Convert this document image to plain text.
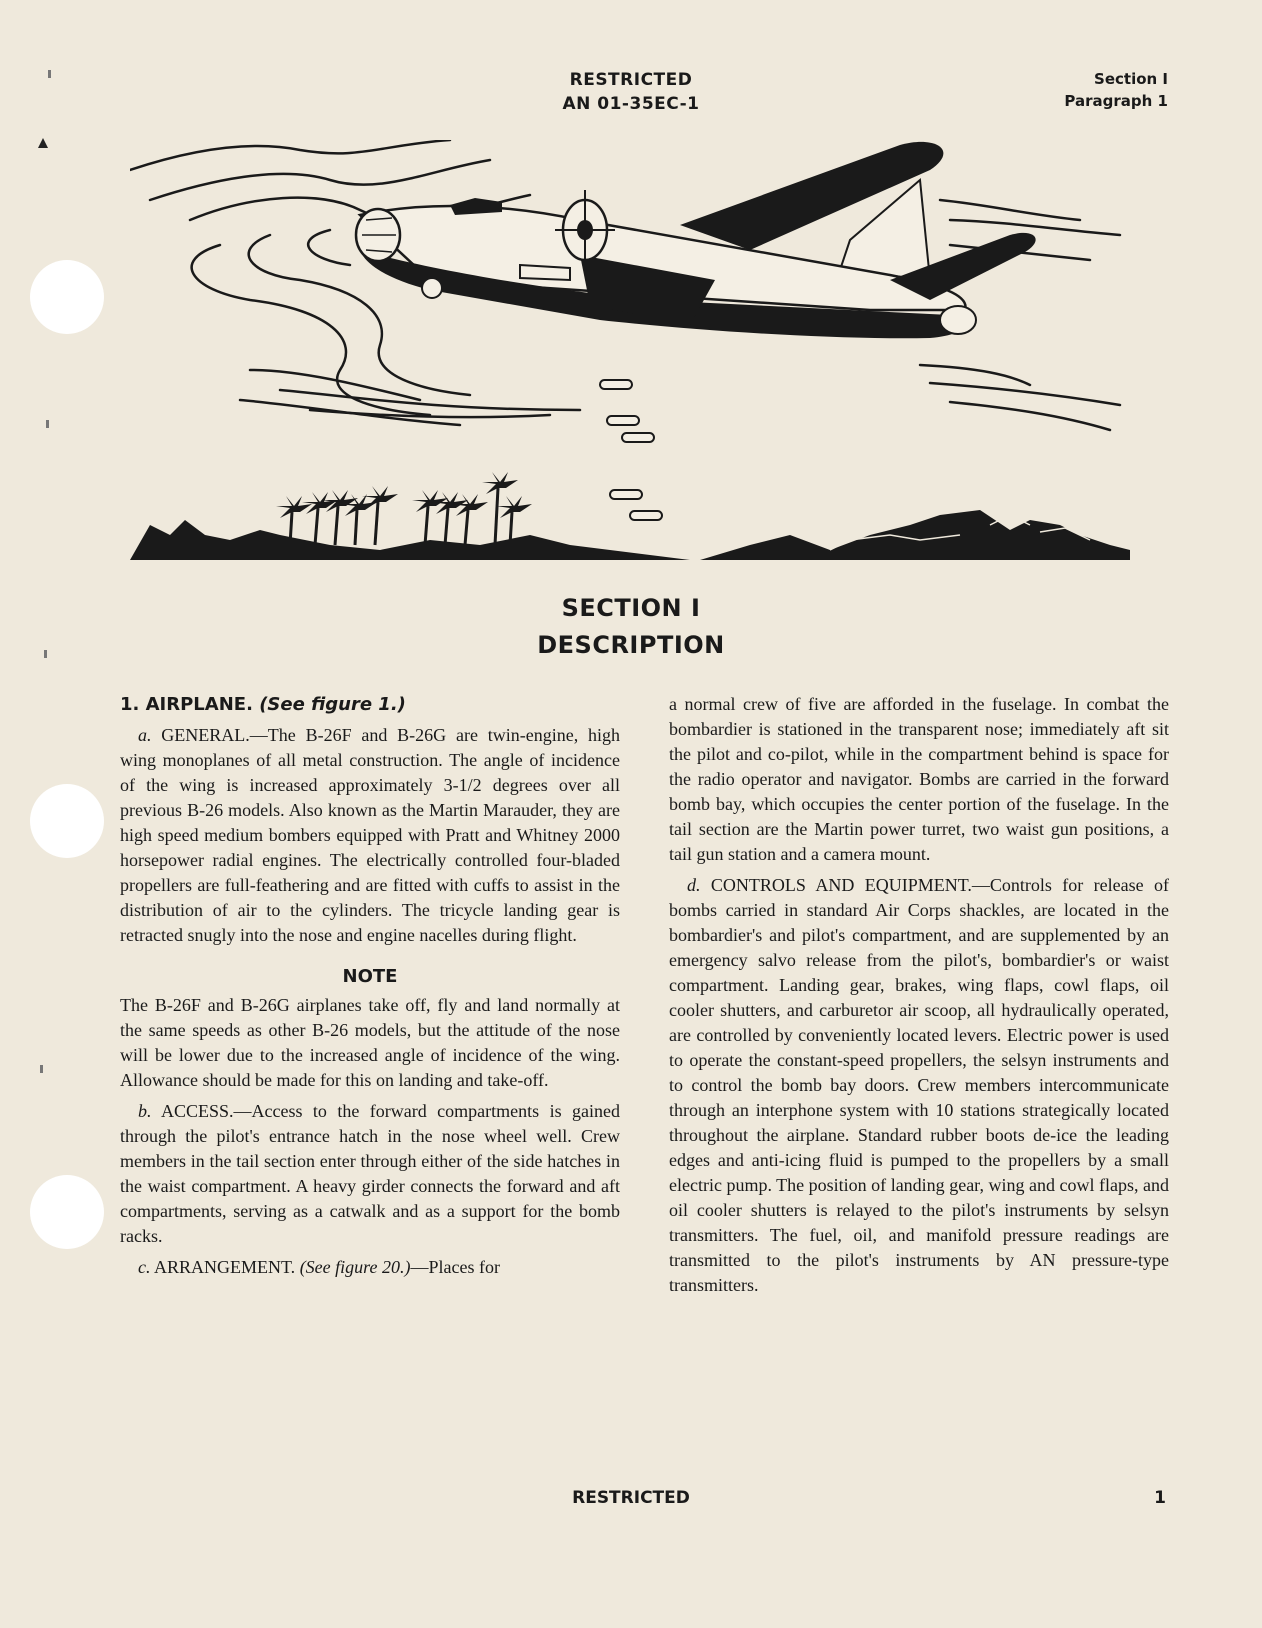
RESTRICTED
AN 01-35EC-1
Section I
Paragraph 1
SECTION I
DESCRIPTION
1. AIRPLANE. (See figure 1.)

a. GENERAL.—The B-26F and B-26G are twin-engine, high wing monoplanes of all metal construction. The angle of incidence of the wing is increased approximately 3-1/2 degrees over all previous B-26 models. Also known as the Martin Marauder, they are high speed medium bombers equipped with Pratt and Whitney 2000 horsepower radial engines. The electrically controlled four-bladed propellers are full-feathering and are fitted with cuffs to assist in the distribution of air to the cylinders. The tricycle landing gear is retracted snugly into the nose and engine nacelles during flight.

NOTE

The B-26F and B-26G airplanes take off, fly and land normally at the same speeds as other B-26 models, but the attitude of the nose will be lower due to the increased angle of incidence of the wing. Allowance should be made for this on landing and take-off.

b. ACCESS.—Access to the forward compartments is gained through the pilot's entrance hatch in the nose wheel well. Crew members in the tail section enter through either of the side hatches in the waist compartment. A heavy girder connects the forward and aft compartments, serving as a catwalk and as a support for the bomb racks.

c. ARRANGEMENT. (See figure 20.)—Places for

a normal crew of five are afforded in the fuselage. In combat the bombardier is stationed in the transparent nose; immediately aft sit the pilot and co-pilot, while in the compartment behind is space for the radio operator and navigator. Bombs are carried in the forward bomb bay, which occupies the center portion of the fuselage. In the tail section are the Martin power turret, two waist gun positions, a tail gun station and a camera mount.

d. CONTROLS AND EQUIPMENT.—Controls for release of bombs carried in standard Air Corps shackles, are located in the bombardier's and pilot's compartment, and are supplemented by an emergency salvo release from the pilot's, bombardier's or waist compartment. Landing gear, brakes, wing flaps, cowl flaps, oil cooler shutters, and carburetor air scoop, all hydraulically operated, are controlled by conveniently located levers. Electric power is used to operate the constant-speed propellers, the selsyn instruments and to control the bomb bay doors. Crew members intercommunicate through an interphone system with 10 stations strategically located throughout the airplane. Standard rubber boots de-ice the leading edges and anti-icing fluid is pumped to the propellers by a small electric pump. The position of landing gear, wing and cowl flaps, and oil cooler shutters is relayed to the pilot's instruments by selsyn transmitters. The fuel, oil, and manifold pressure readings are transmitted to the pilot's instruments by AN pressure-type transmitters.

RESTRICTED	1
